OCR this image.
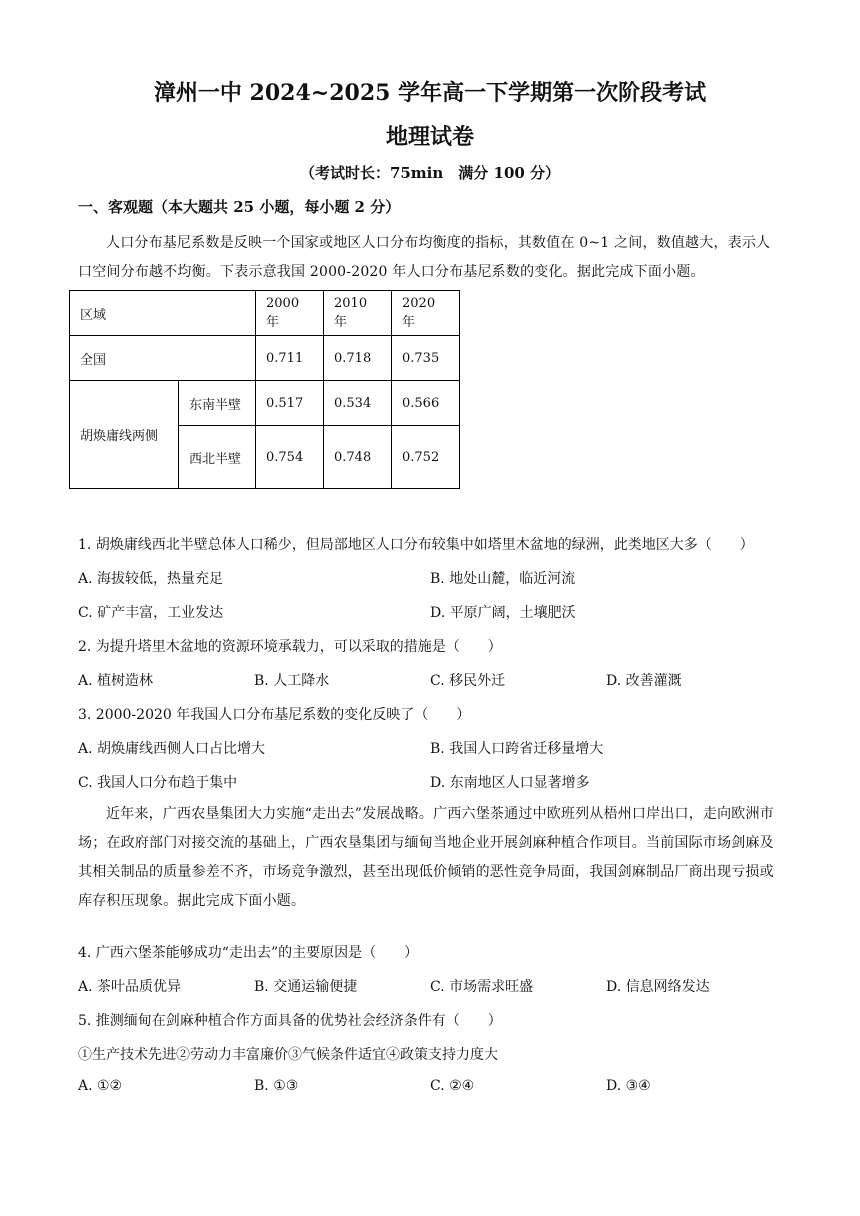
漳州一中 2024~2025 学年高一下学期第一次阶段考试
地理试卷
（考试时长：75min　满分 100 分）
一、客观题（本大题共 25 小题，每小题 2 分）
人口分布基尼系数是反映一个国家或地区人口分布均衡度的指标，其数值在 0~1 之间，数值越大，表示人口空间分布越不均衡。下表示意我国 2000-2020 年人口分布基尼系数的变化。据此完成下面小题。
区域		2000 年	2010 年	2020 年
全国		0.711	0.718	0.735
胡焕庸线两侧	东南半壁	0.517	0.534	0.566
	西北半壁	0.754	0.748	0.752
1. 胡焕庸线西北半壁总体人口稀少，但局部地区人口分布较集中如塔里木盆地的绿洲，此类地区大多（　　）
A. 海拔较低，热量充足	B. 地处山麓，临近河流
C. 矿产丰富，工业发达	D. 平原广阔，土壤肥沃
2. 为提升塔里木盆地的资源环境承载力，可以采取的措施是（　　）
A. 植树造林	B. 人工降水	C. 移民外迁	D. 改善灌溉
3. 2000-2020 年我国人口分布基尼系数的变化反映了（　　）
A. 胡焕庸线西侧人口占比增大	B. 我国人口跨省迁移量增大
C. 我国人口分布趋于集中	D. 东南地区人口显著增多
近年来，广西农垦集团大力实施“走出去”发展战略。广西六堡茶通过中欧班列从梧州口岸出口，走向欧洲市场；在政府部门对接交流的基础上，广西农垦集团与缅甸当地企业开展剑麻种植合作项目。当前国际市场剑麻及其相关制品的质量参差不齐，市场竞争激烈，甚至出现低价倾销的恶性竞争局面，我国剑麻制品厂商出现亏损或库存积压现象。据此完成下面小题。
4. 广西六堡茶能够成功“走出去”的主要原因是（　　）
A. 茶叶品质优异	B. 交通运输便捷	C. 市场需求旺盛	D. 信息网络发达
5. 推测缅甸在剑麻种植合作方面具备的优势社会经济条件有（　　）
①生产技术先进②劳动力丰富廉价③气候条件适宜④政策支持力度大
A. ①②	B. ①③	C. ②④	D. ③④
